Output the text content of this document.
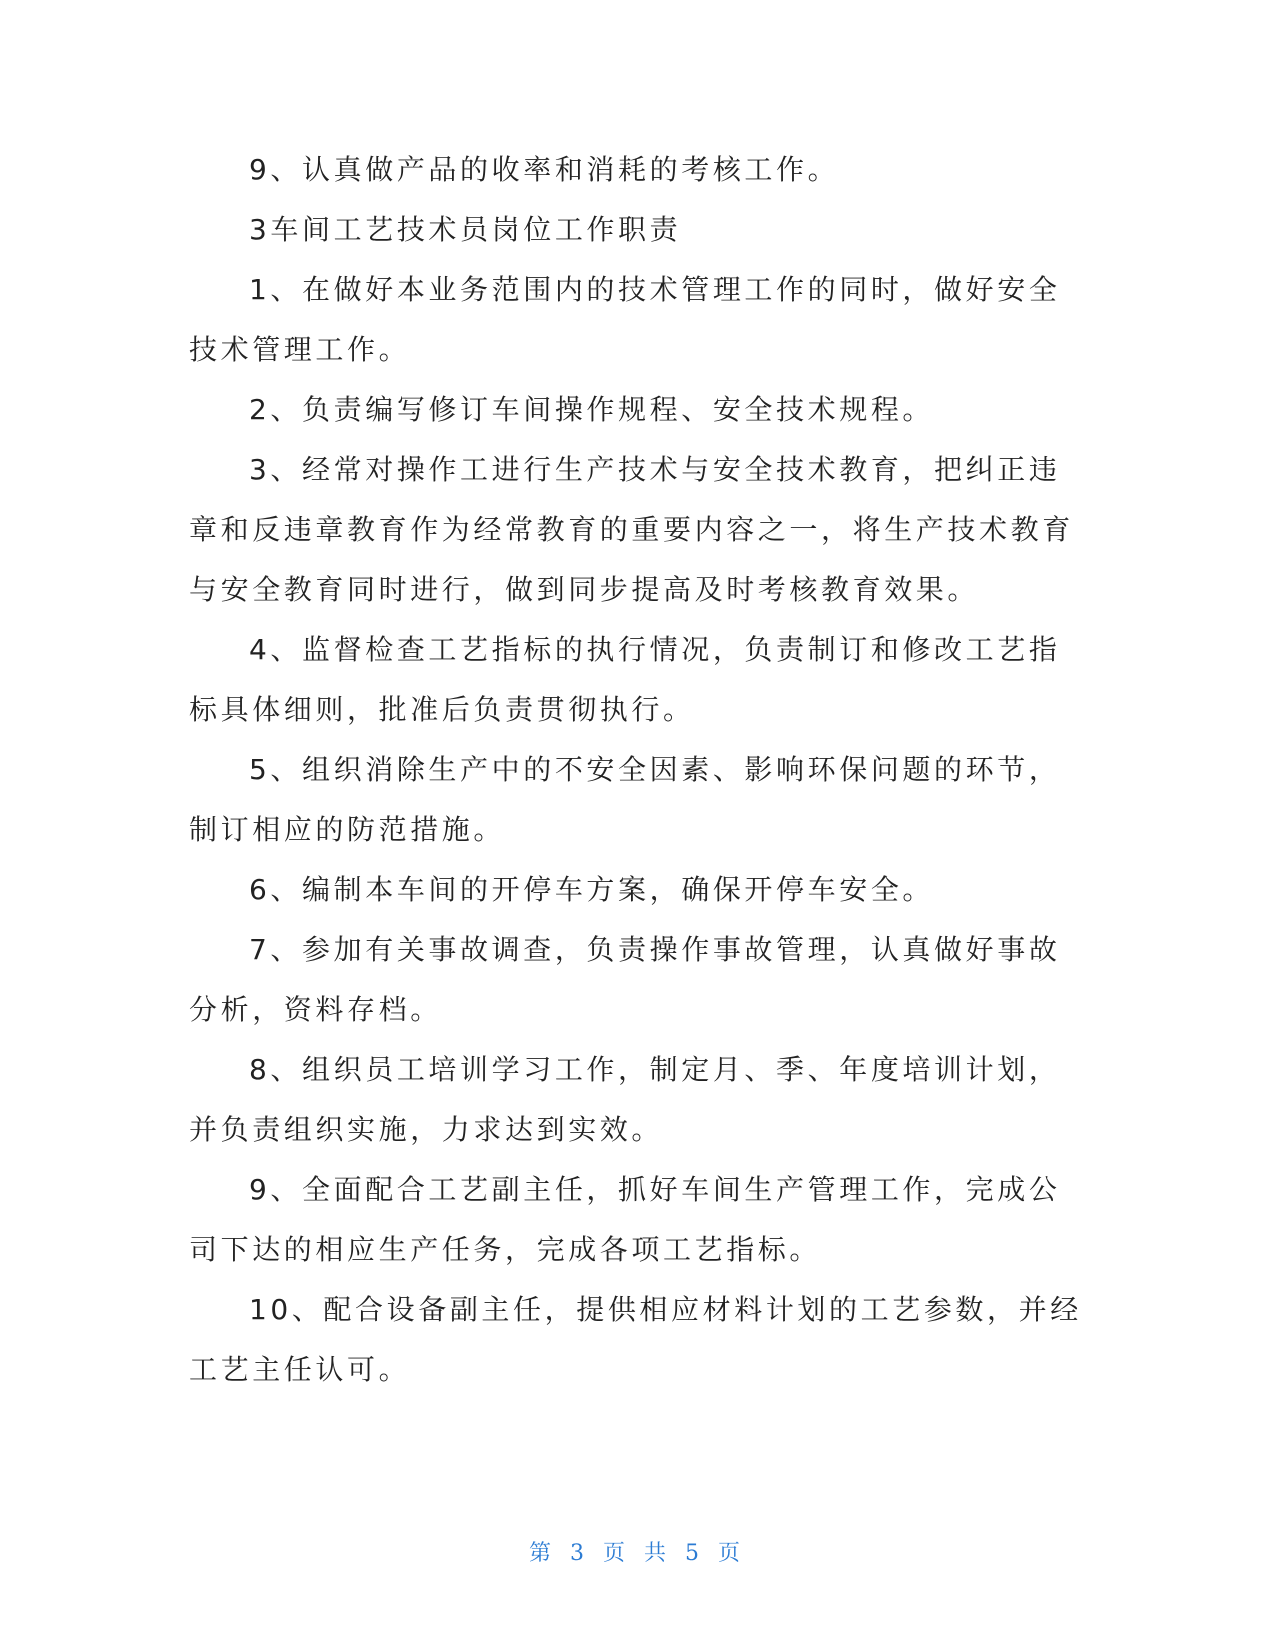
9、认真做产品的收率和消耗的考核工作。

3车间工艺技术员岗位工作职责

1、在做好本业务范围内的技术管理工作的同时，做好安全技术管理工作。

2、负责编写修订车间操作规程、安全技术规程。

3、经常对操作工进行生产技术与安全技术教育，把纠正违章和反违章教育作为经常教育的重要内容之一，将生产技术教育与安全教育同时进行，做到同步提高及时考核教育效果。

4、监督检查工艺指标的执行情况，负责制订和修改工艺指标具体细则，批准后负责贯彻执行。

5、组织消除生产中的不安全因素、影响环保问题的环节，制订相应的防范措施。

6、编制本车间的开停车方案，确保开停车安全。

7、参加有关事故调查，负责操作事故管理，认真做好事故分析，资料存档。

8、组织员工培训学习工作，制定月、季、年度培训计划，并负责组织实施，力求达到实效。

9、全面配合工艺副主任，抓好车间生产管理工作，完成公司下达的相应生产任务，完成各项工艺指标。

10、配合设备副主任，提供相应材料计划的工艺参数，并经工艺主任认可。

第 3 页 共 5 页
